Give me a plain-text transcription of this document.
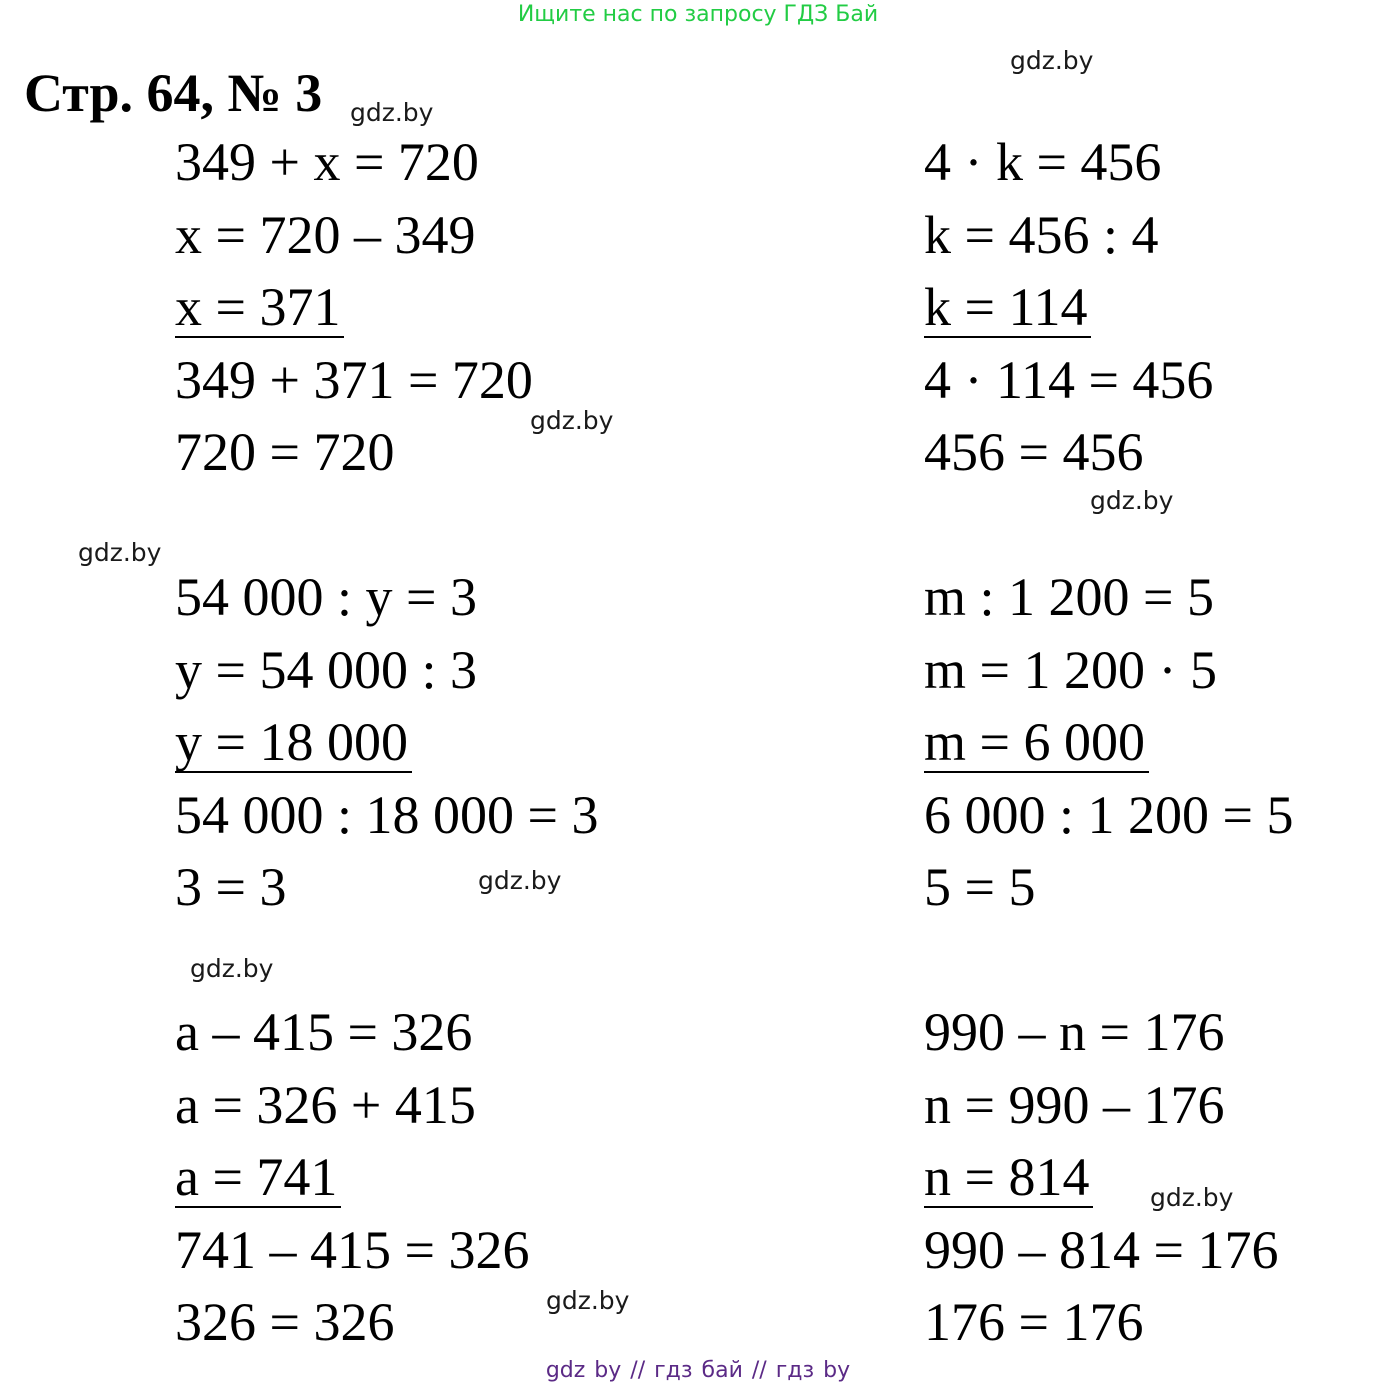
Ищите нас по запросу ГДЗ Бай
Стр. 64, № 3 gdz.by
gdz.by
gdz.by
gdz.by
gdz.by
gdz.by
gdz.by
gdz.by
gdz.by
349 + x = 720
x = 720 – 349
x = 371
349 + 371 = 720
720 = 720
4 · k = 456
k = 456 : 4
k = 114
4 · 114 = 456
456 = 456
54 000 : y = 3
y = 54 000 : 3
y = 18 000
54 000 : 18 000 = 3
3 = 3
m : 1 200 = 5
m = 1 200 · 5
m = 6 000
6 000 : 1 200 = 5
5 = 5
a – 415 = 326
a = 326 + 415
a = 741
741 – 415 = 326
326 = 326
990 – n = 176
n = 990 – 176
n = 814
990 – 814 = 176
176 = 176
gdz by // гдз бай // гдз by
